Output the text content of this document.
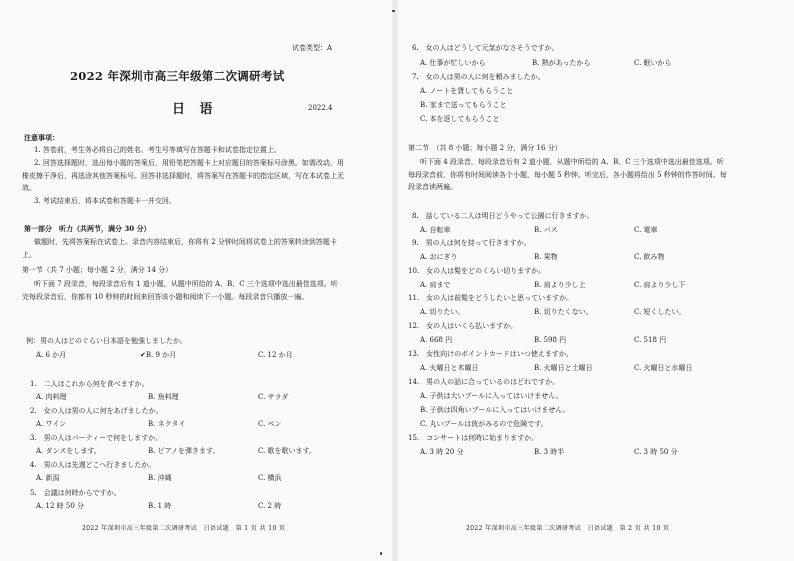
试卷类型：A
2022 年深圳市高三年级第二次调研考试
日 语	2022.4
注意事项：
1. 答卷前，考生务必将自己的姓名、考生号等填写在答题卡和试卷指定位置上。
2. 回答选择题时，选出每小题的答案后，用铅笔把答题卡上对应题目的答案标号涂黑。如需改动，用橡皮擦干净后，再选涂其他答案标号。回答非选择题时，将答案写在答题卡的指定区域，写在本试卷上无效。
3. 考试结束后，将本试卷和答题卡一并交回。
第一部分　听力（共两节，满分 30 分）
做题时，先将答案标在试卷上。录音内容结束后，你将有 2 分钟时间将试卷上的答案转涂到答题卡上。
第一节（共 7 小题；每小题 2 分，满分 14 分）
听下面 7 段录音，每段录音后有 1 道小题，从题中所给的 A、B、C 三个选项中选出最佳选项。听完每段录音后，你都有 10 秒钟的时间来回答该小题和阅读下一小题。每段录音只播放一遍。
例：男の人はどのぐらい日本語を勉強しましたか。
A. 6 か月	✔B. 9 か月	C. 12 か月
1.　二人はこれから何を食べますか。
A. 肉料理	B. 魚料理	C. サラダ
2.　女の人は男の人に何をあげましたか。
A. ワイン	B. ネクタイ	C. ペン
3.　男の人はパーティーで何をしますか。
A. ダンスをします。	B. ピアノを弾きます。	C. 歌を歌います。
4.　男の人は先週どこへ行きましたか。
A. 新潟	B. 沖縄	C. 横浜
5.　会議は何時からですか。
A. 12 時 50 分	B. 1 時	C. 2 時
2022 年深圳市高三年级第二次调研考试　日语试题　第 1 页 共 10 页
6.　女の人はどうして元気がなさそうですか。
A. 仕事が忙しいから	B. 熱があったから	C. 眠いから
7.　女の人は男の人に何を頼みましたか。
A. ノートを貸してもらうこと
B. 家まで送ってもらうこと
C. 本を返してもらうこと
第二节　（共 8 小题；每小题 2 分，满分 16 分）
听下面 4 段录音，每段录音后有 2 道小题，从题中所给的 A、B、C 三个选项中选出最佳选项。听每段录音前，你将有时间阅读各个小题，每小题 5 秒钟。听完后，各小题将给出 5 秒钟的作答时间。每段录音读两遍。
8.　話している二人は明日どうやって公園に行きますか。
A. 自転車	B. バス	C. 電車
9.　男の人は何を持って行きますか。
A. おにぎり	B. 果物	C. 飲み物
10.　女の人は髪をどのくらい切りますか。
A. 肩まで	B. 肩より少し上	C. 肩より少し下
11.　女の人は前髪をどうしたいと思っていますか。
A. 切りたい。	B. 切りたくない。	C. 短くしたい。
12.　女の人はいくら払いますか。
A. 668 円	B. 598 円	C. 518 円
13.　女性向けのポイントカードはいつ使えますか。
A. 火曜日と木曜日	B. 火曜日と土曜日	C. 火曜日と水曜日
14.　男の人の話に合っているのはどれですか。
A. 子供は大いプールに入ってはいけません。
B. 子供は四角いプールに入ってはいけません。
C. 丸いプールは彼がみるので危険です。
15.　コンサートは何時に始まりますか。
A. 3 時 20 分	B. 3 時半	C. 3 時 50 分
2022 年深圳市高三年级第二次调研考试　日语试题　第 2 页 共 10 页
